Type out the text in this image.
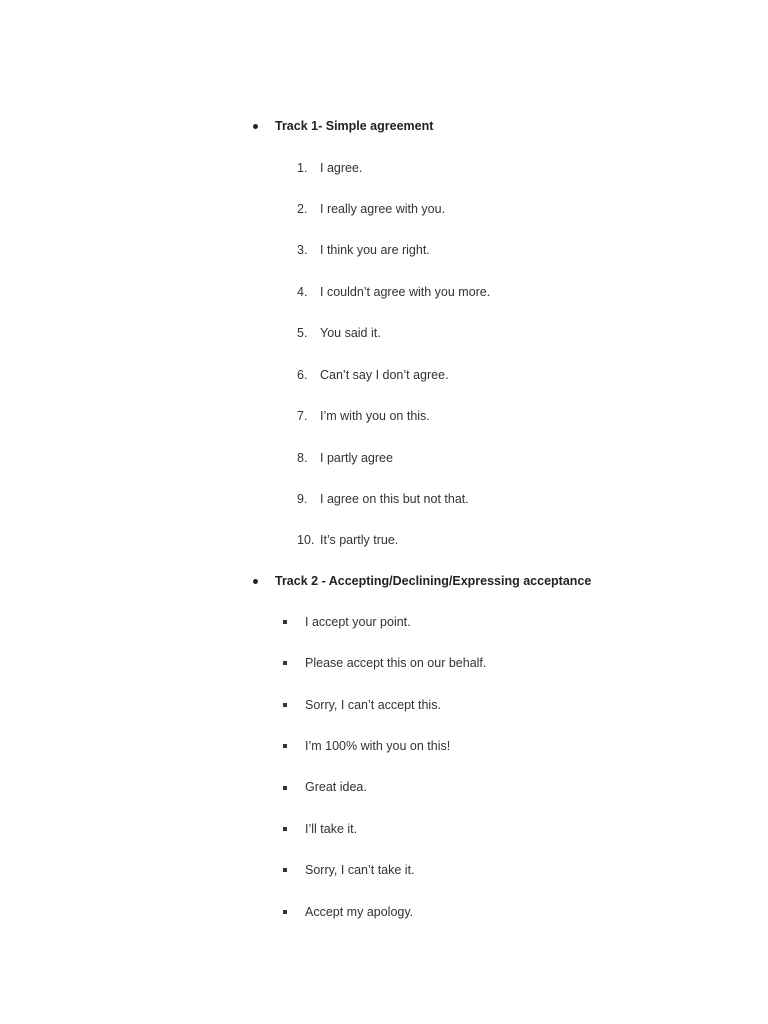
Track 1- Simple agreement
1. I agree.
2. I really agree with you.
3. I think you are right.
4. I couldn’t agree with you more.
5. You said it.
6. Can’t say I don’t agree.
7. I’m with you on this.
8. I partly agree
9. I agree on this but not that.
10. It’s partly true.
Track 2 - Accepting/Declining/Expressing acceptance
I accept your point.
Please accept this on our behalf.
Sorry, I can’t accept this.
I’m 100% with you on this!
Great idea.
I’ll take it.
Sorry, I can’t take it.
Accept my apology.
